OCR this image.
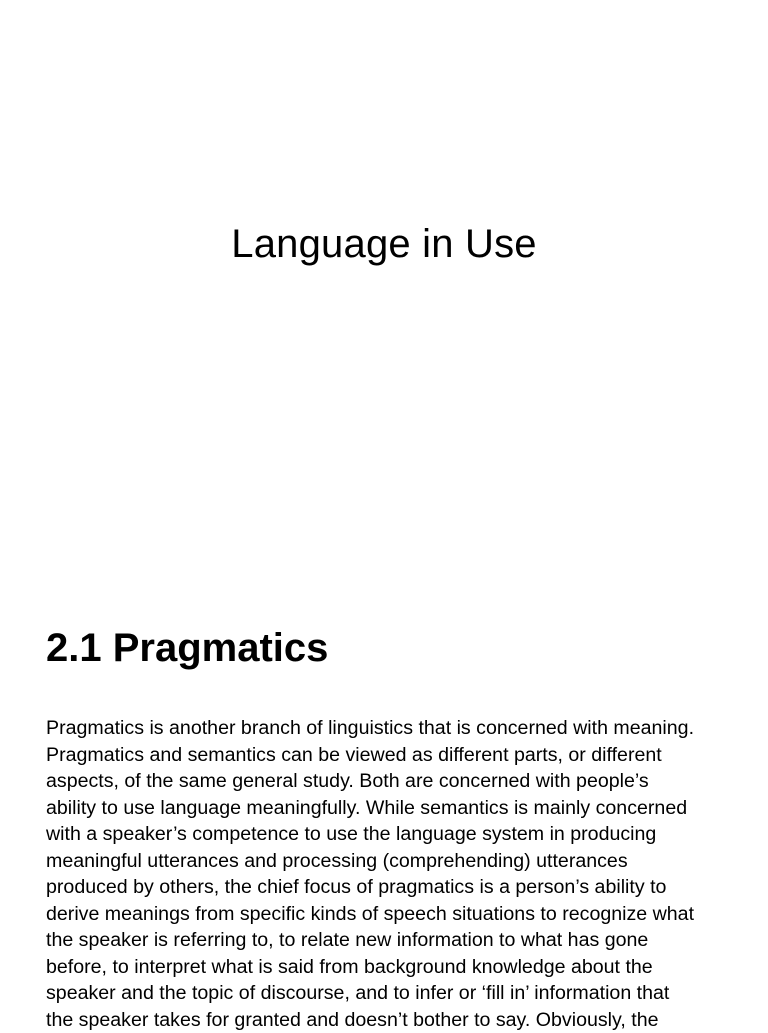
Language in Use
2.1 Pragmatics

Pragmatics is another branch of linguistics that is concerned with meaning.
Pragmatics and semantics can be viewed as different parts, or different
aspects, of the same general study. Both are concerned with people’s
ability to use language meaningfully. While semantics is mainly concerned
with a speaker’s competence to use the language system in producing
meaningful utterances and processing (comprehending) utterances
produced by others, the chief focus of pragmatics is a person’s ability to
derive meanings from specific kinds of speech situations to recognize what
the speaker is referring to, to relate new information to what has gone
before, to interpret what is said from background knowledge about the
speaker and the topic of discourse, and to infer or ‘fill in’ information that
the speaker takes for granted and doesn’t bother to say. Obviously, the
